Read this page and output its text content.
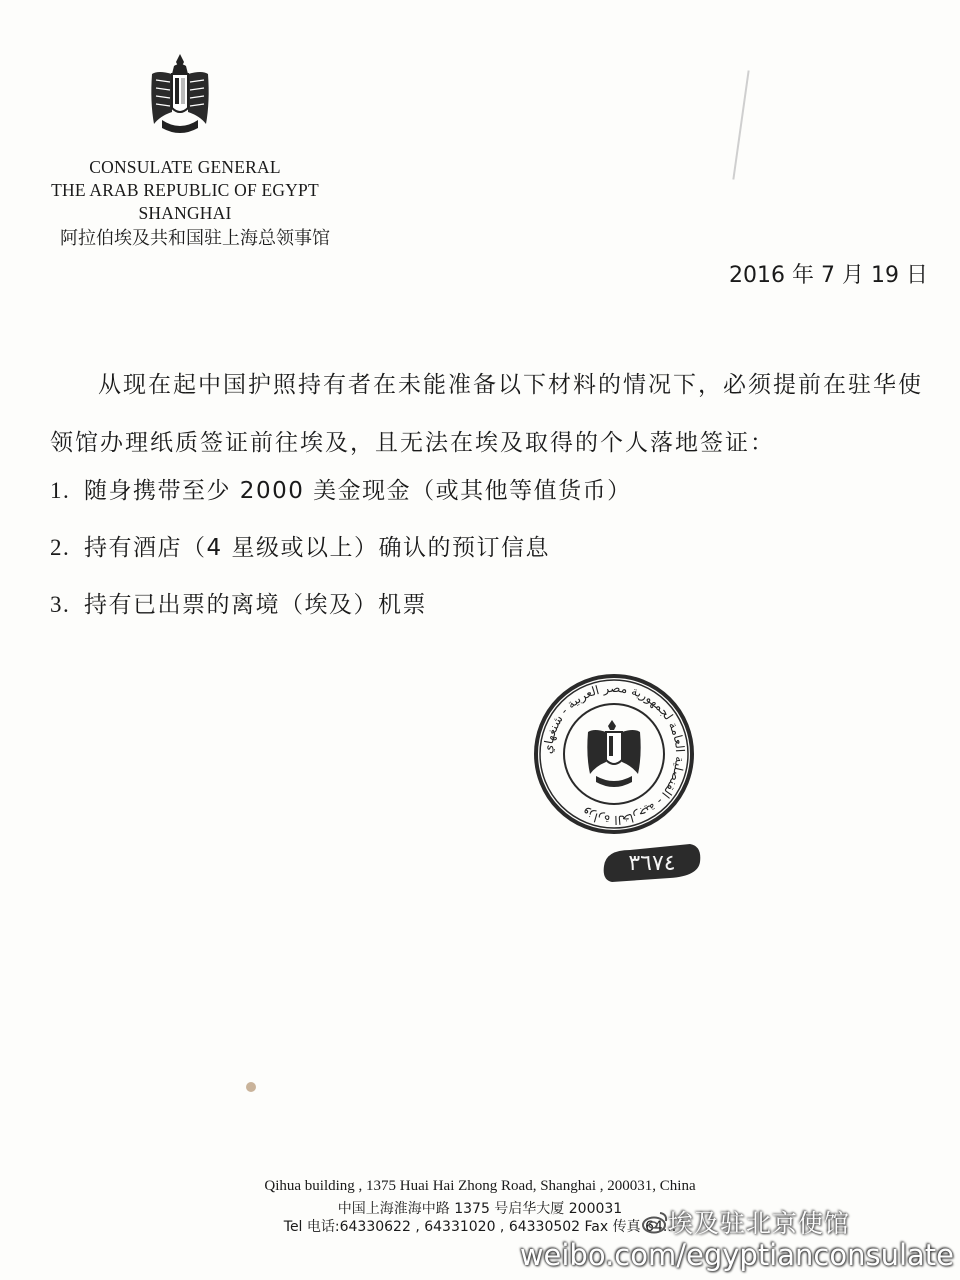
CONSULATE GENERAL
THE ARAB REPUBLIC OF EGYPT
SHANGHAI
阿拉伯埃及共和国驻上海总领事馆
2016 年 7 月 19 日
从现在起中国护照持有者在未能准备以下材料的情况下，必须提前在驻华使领馆办理纸质签证前往埃及，且无法在埃及取得的个人落地签证：
1. 随身携带至少 2000 美金现金（或其他等值货币）
2. 持有酒店（4 星级或以上）确认的预订信息
3. 持有已出票的离境（埃及）机票
وزارة الخارجية - القنصلية العامة لجمهورية مصر العربية - شنغهاي
٣٦٧٤
Qihua building , 1375 Huai Hai Zhong Road, Shanghai , 200031, China
中国上海淮海中路 1375 号启华大厦 200031
Tel 电话:64330622 , 64331020 , 64330502 Fax 传真 64...
埃及驻北京使馆
weibo.com/egyptianconsulate
